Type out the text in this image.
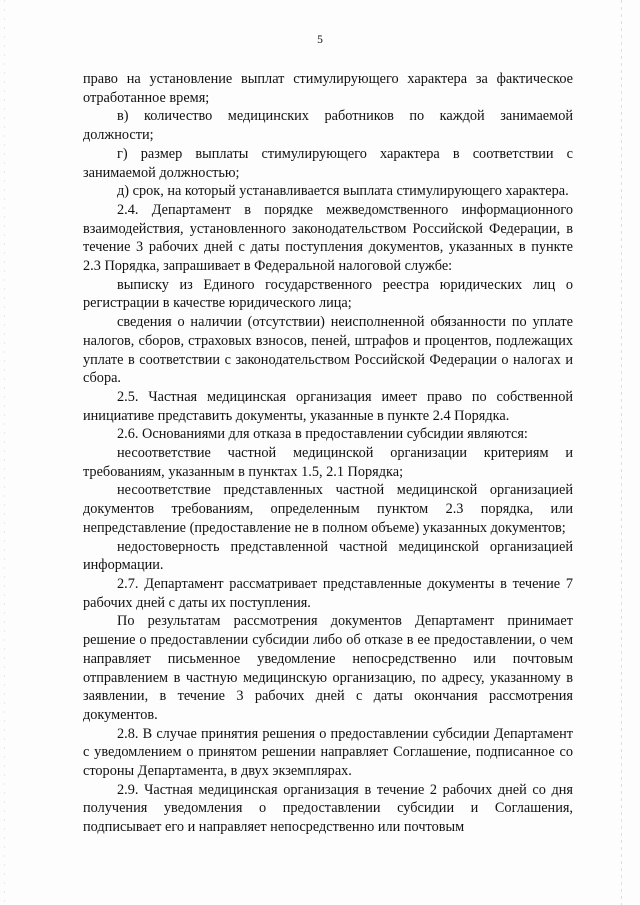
5

право на установление выплат стимулирующего характера за фактическое отработанное время;

в) количество медицинских работников по каждой занимаемой должности;

г) размер выплаты стимулирующего характера в соответствии с занимаемой должностью;

д) срок, на который устанавливается выплата стимулирующего характера.

2.4. Департамент в порядке межведомственного информационного взаимодействия, установленного законодательством Российской Федерации, в течение 3 рабочих дней с даты поступления документов, указанных в пункте 2.3 Порядка, запрашивает в Федеральной налоговой службе:

выписку из Единого государственного реестра юридических лиц о регистрации в качестве юридического лица;

сведения о наличии (отсутствии) неисполненной обязанности по уплате налогов, сборов, страховых взносов, пеней, штрафов и процентов, подлежащих уплате в соответствии с законодательством Российской Федерации о налогах и сбора.

2.5. Частная медицинская организация имеет право по собственной инициативе представить документы, указанные в пункте 2.4 Порядка.

2.6. Основаниями для отказа в предоставлении субсидии являются:

несоответствие частной медицинской организации критериям и требованиям, указанным в пунктах 1.5, 2.1 Порядка;

несоответствие представленных частной медицинской организацией документов требованиям, определенным пунктом 2.3 порядка, или непредставление (предоставление не в полном объеме) указанных документов;

недостоверность представленной частной медицинской организацией информации.

2.7. Департамент рассматривает представленные документы в течение 7 рабочих дней с даты их поступления.

По результатам рассмотрения документов Департамент принимает решение о предоставлении субсидии либо об отказе в ее предоставлении, о чем направляет письменное уведомление непосредственно или почтовым отправлением в частную медицинскую организацию, по адресу, указанному в заявлении, в течение 3 рабочих дней с даты окончания рассмотрения документов.

2.8. В случае принятия решения о предоставлении субсидии Департамент с уведомлением о принятом решении направляет Соглашение, подписанное со стороны Департамента, в двух экземплярах.

2.9. Частная медицинская организация в течение 2 рабочих дней со дня получения уведомления о предоставлении субсидии и Соглашения, подписывает его и направляет непосредственно или почтовым
